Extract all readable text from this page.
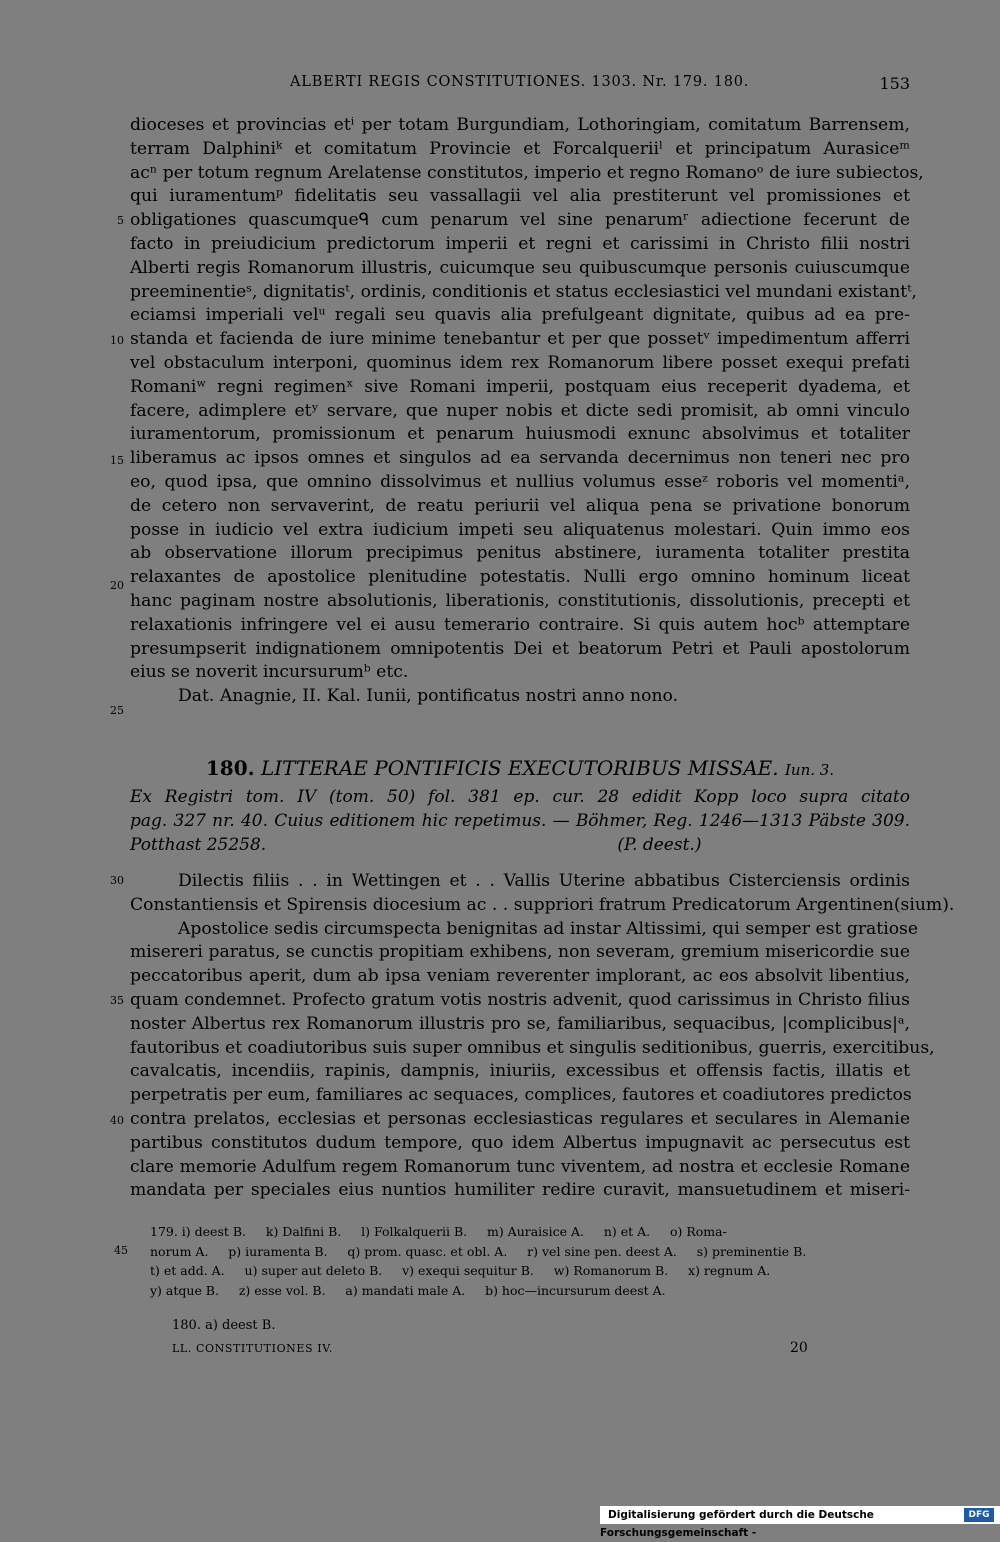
ALBERTI REGIS CONSTITUTIONES. 1303. Nr. 179. 180.	153
dioceses et provincias etⁱ per totam Burgundiam, Lothoringiam, comitatum Barrensem,
terram Dalphiniᵏ et comitatum Provincie et Forcalqueriiˡ et principatum Aurasiceᵐ
acⁿ per totum regnum Arelatense constitutos, imperio et regno Romanoᵒ de iure subiectos,
qui iuramentumᵖ fidelitatis seu vassallagii vel alia prestiterunt vel promissiones et
5 obligationes quascumqueᑫ cum penarum vel sine penarumʳ adiectione fecerunt de
facto in preiudicium predictorum imperii et regni et carissimi in Christo filii nostri
Alberti regis Romanorum illustris, cuicumque seu quibuscumque personis cuiuscumque
preeminentieˢ, dignitatisᵗ, ordinis, conditionis et status ecclesiastici vel mundani existantᵗ,
eciamsi imperiali velᵘ regali seu quavis alia prefulgeant dignitate, quibus ad ea pre-
10 standa et facienda de iure minime tenebantur et per que possetᵛ impedimentum afferri
vel obstaculum interponi, quominus idem rex Romanorum libere posset exequi prefati
Romaniʷ regni regimenˣ sive Romani imperii, postquam eius receperit dyadema, et
facere, adimplere etʸ servare, que nuper nobis et dicte sedi promisit, ab omni vinculo
iuramentorum, promissionum et penarum huiusmodi exnunc absolvimus et totaliter
15 liberamus ac ipsos omnes et singulos ad ea servanda decernimus non teneri nec pro
eo, quod ipsa, que omnino dissolvimus et nullius volumus esseᶻ roboris vel momentiᵃ,
de cetero non servaverint, de reatu periurii vel aliqua pena se privatione bonorum
posse in iudicio vel extra iudicium impeti seu aliquatenus molestari. Quin immo eos
ab observatione illorum precipimus penitus abstinere, iuramenta totaliter prestita
20 relaxantes de apostolice plenitudine potestatis. Nulli ergo omnino hominum liceat
hanc paginam nostre absolutionis, liberationis, constitutionis, dissolutionis, precepti et
relaxationis infringere vel ei ausu temerario contraire. Si quis autem hocᵇ attemptare
presumpserit indignationem omnipotentis Dei et beatorum Petri et Pauli apostolorum
eius se noverit incursurumᵇ etc.
25
Dat. Anagnie, II. Kal. Iunii, pontificatus nostri anno nono.
180. LITTERAE PONTIFICIS EXECUTORIBUS MISSAE. Iun. 3.
Ex Registri tom. IV (tom. 50) fol. 381 ep. cur. 28 edidit Kopp loco supra citato
pag. 327 nr. 40. Cuius editionem hic repetimus. — Böhmer, Reg. 1246—1313 Päbste 309.
Potthast 25258.                                                                 (P. deest.)
30	Dilectis filiis . . in Wettingen et . . Vallis Uterine abbatibus Cisterciensis ordinis
Constantiensis et Spirensis diocesium ac . . suppriori fratrum Predicatorum Argentinen(sium).
Apostolice sedis circumspecta benignitas ad instar Altissimi, qui semper est gratiose
misereri paratus, se cunctis propitiam exhibens, non severam, gremium misericordie sue
peccatoribus aperit, dum ab ipsa veniam reverenter implorant, ac eos absolvit libentius,
35 quam condemnet. Profecto gratum votis nostris advenit, quod carissimus in Christo filius
noster Albertus rex Romanorum illustris pro se, familiaribus, sequacibus, |complicibus|ᵃ,
fautoribus et coadiutoribus suis super omnibus et singulis seditionibus, guerris, exercitibus,
cavalcatis, incendiis, rapinis, dampnis, iniuriis, excessibus et offensis factis, illatis et
perpetratis per eum, familiares ac sequaces, complices, fautores et coadiutores predictos
40 contra prelatos, ecclesias et personas ecclesiasticas regulares et seculares in Alemanie
partibus constitutos dudum tempore, quo idem Albertus impugnavit ac persecutus est
clare memorie Adulfum regem Romanorum tunc viventem, ad nostra et ecclesie Romane
mandata per speciales eius nuntios humiliter redire curavit, mansuetudinem et miseri-
179. i) deest B.     k) Dalfini B.     l) Folkalquerii B.     m) Auraisice A.     n) et A.     o) Roma-
45 norum A.     p) iuramenta B.     q) prom. quasc. et obl. A.     r) vel sine pen. deest A.     s) preminentie B.
t) et add. A.     u) super aut deleto B.     v) exequi sequitur B.     w) Romanorum B.     x) regnum A.
y) atque B.     z) esse vol. B.     a) mandati male A.     b) hoc—incursurum deest A.
180. a) deest B.
LL. CONSTITUTIONES IV.	20
Digitalisierung gefördert durch die Deutsche Forschungsgemeinschaft -
DFG
